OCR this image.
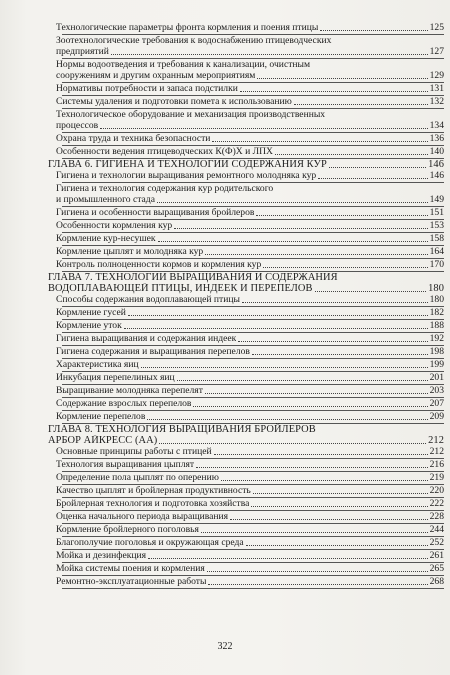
Технологические параметры фронта кормления и поения птицы	125
Зоотехнологические требования к водоснабжению птицеводческих
предприятий	127
Нормы водоотведения и требования к канализации, очистным
сооружениям и другим охранным мероприятиям	129
Нормативы потребности и запаса подстилки	131
Системы удаления и подготовки помета к использованию	132
Технологическое оборудование и механизация производственных
процессов	134
Охрана труда и техника безопасности	136
Особенности ведения птицеводческих К(Ф)Х и ЛПХ	140
ГЛАВА 6. ГИГИЕНА И ТЕХНОЛОГИИ СОДЕРЖАНИЯ КУР	146
Гигиена и технологии выращивания ремонтного молодняка кур	146
Гигиена и технология содержания кур родительского
и промышленного стада	149
Гигиена и особенности выращивания бройлеров	151
Особенности кормления кур	153
Кормление кур-несушек	158
Кормление цыплят и молодняка кур	164
Контроль полноценности кормов и кормления кур	170
ГЛАВА 7. ТЕХНОЛОГИИ ВЫРАЩИВАНИЯ И СОДЕРЖАНИЯ
ВОДОПЛАВАЮЩЕЙ ПТИЦЫ, ИНДЕЕК И ПЕРЕПЕЛОВ	180
Способы содержания водоплавающей птицы	180
Кормление гусей	182
Кормление уток	188
Гигиена выращивания и содержания индеек	192
Гигиена содержания и выращивания перепелов	198
Характеристика яиц	199
Инкубация перепелиных яиц	201
Выращивание молодняка перепелят	203
Содержание взрослых перепелов	207
Кормление перепелов	209
ГЛАВА 8. ТЕХНОЛОГИЯ ВЫРАЩИВАНИЯ БРОЙЛЕРОВ
АРБОР АЙКРЕСС (АА)	212
Основные принципы работы с птицей	212
Технология выращивания цыплят	216
Определение пола цыплят по оперению	219
Качество цыплят и бройлерная продуктивность	220
Бройлерная технология и подготовка хозяйства	222
Оценка начального периода выращивания	228
Кормление бройлерного поголовья	244
Благополучие поголовья и окружающая среда	252
Мойка и дезинфекция	261
Мойка системы поения и кормления	265
Ремонтно-эксплуатационные работы	268
322
